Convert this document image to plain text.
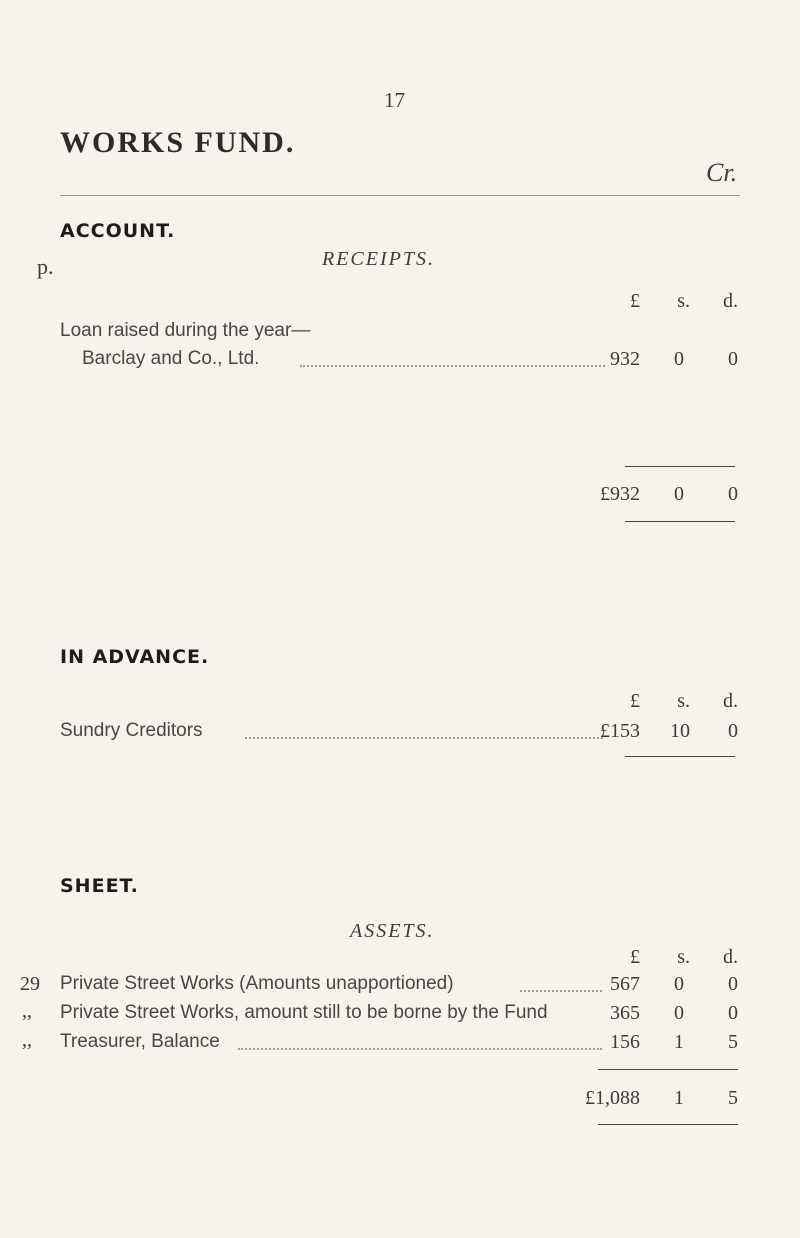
17
WORKS FUND.
Cr.
ACCOUNT.
p.	RECEIPTS.
£	s.	d.
Loan raised during the year—
Barclay and Co., Ltd.	932	0	0
£932	0	0
IN ADVANCE.
£	s.	d.
Sundry Creditors	£153	10	0
SHEET.
ASSETS.
£	s.	d.
29 Private Street Works (Amounts unapportioned)	567	0	0
,, Private Street Works, amount still to be borne by the Fund	365	0	0
,, Treasurer, Balance	156	1	5
£1,088	1	5
